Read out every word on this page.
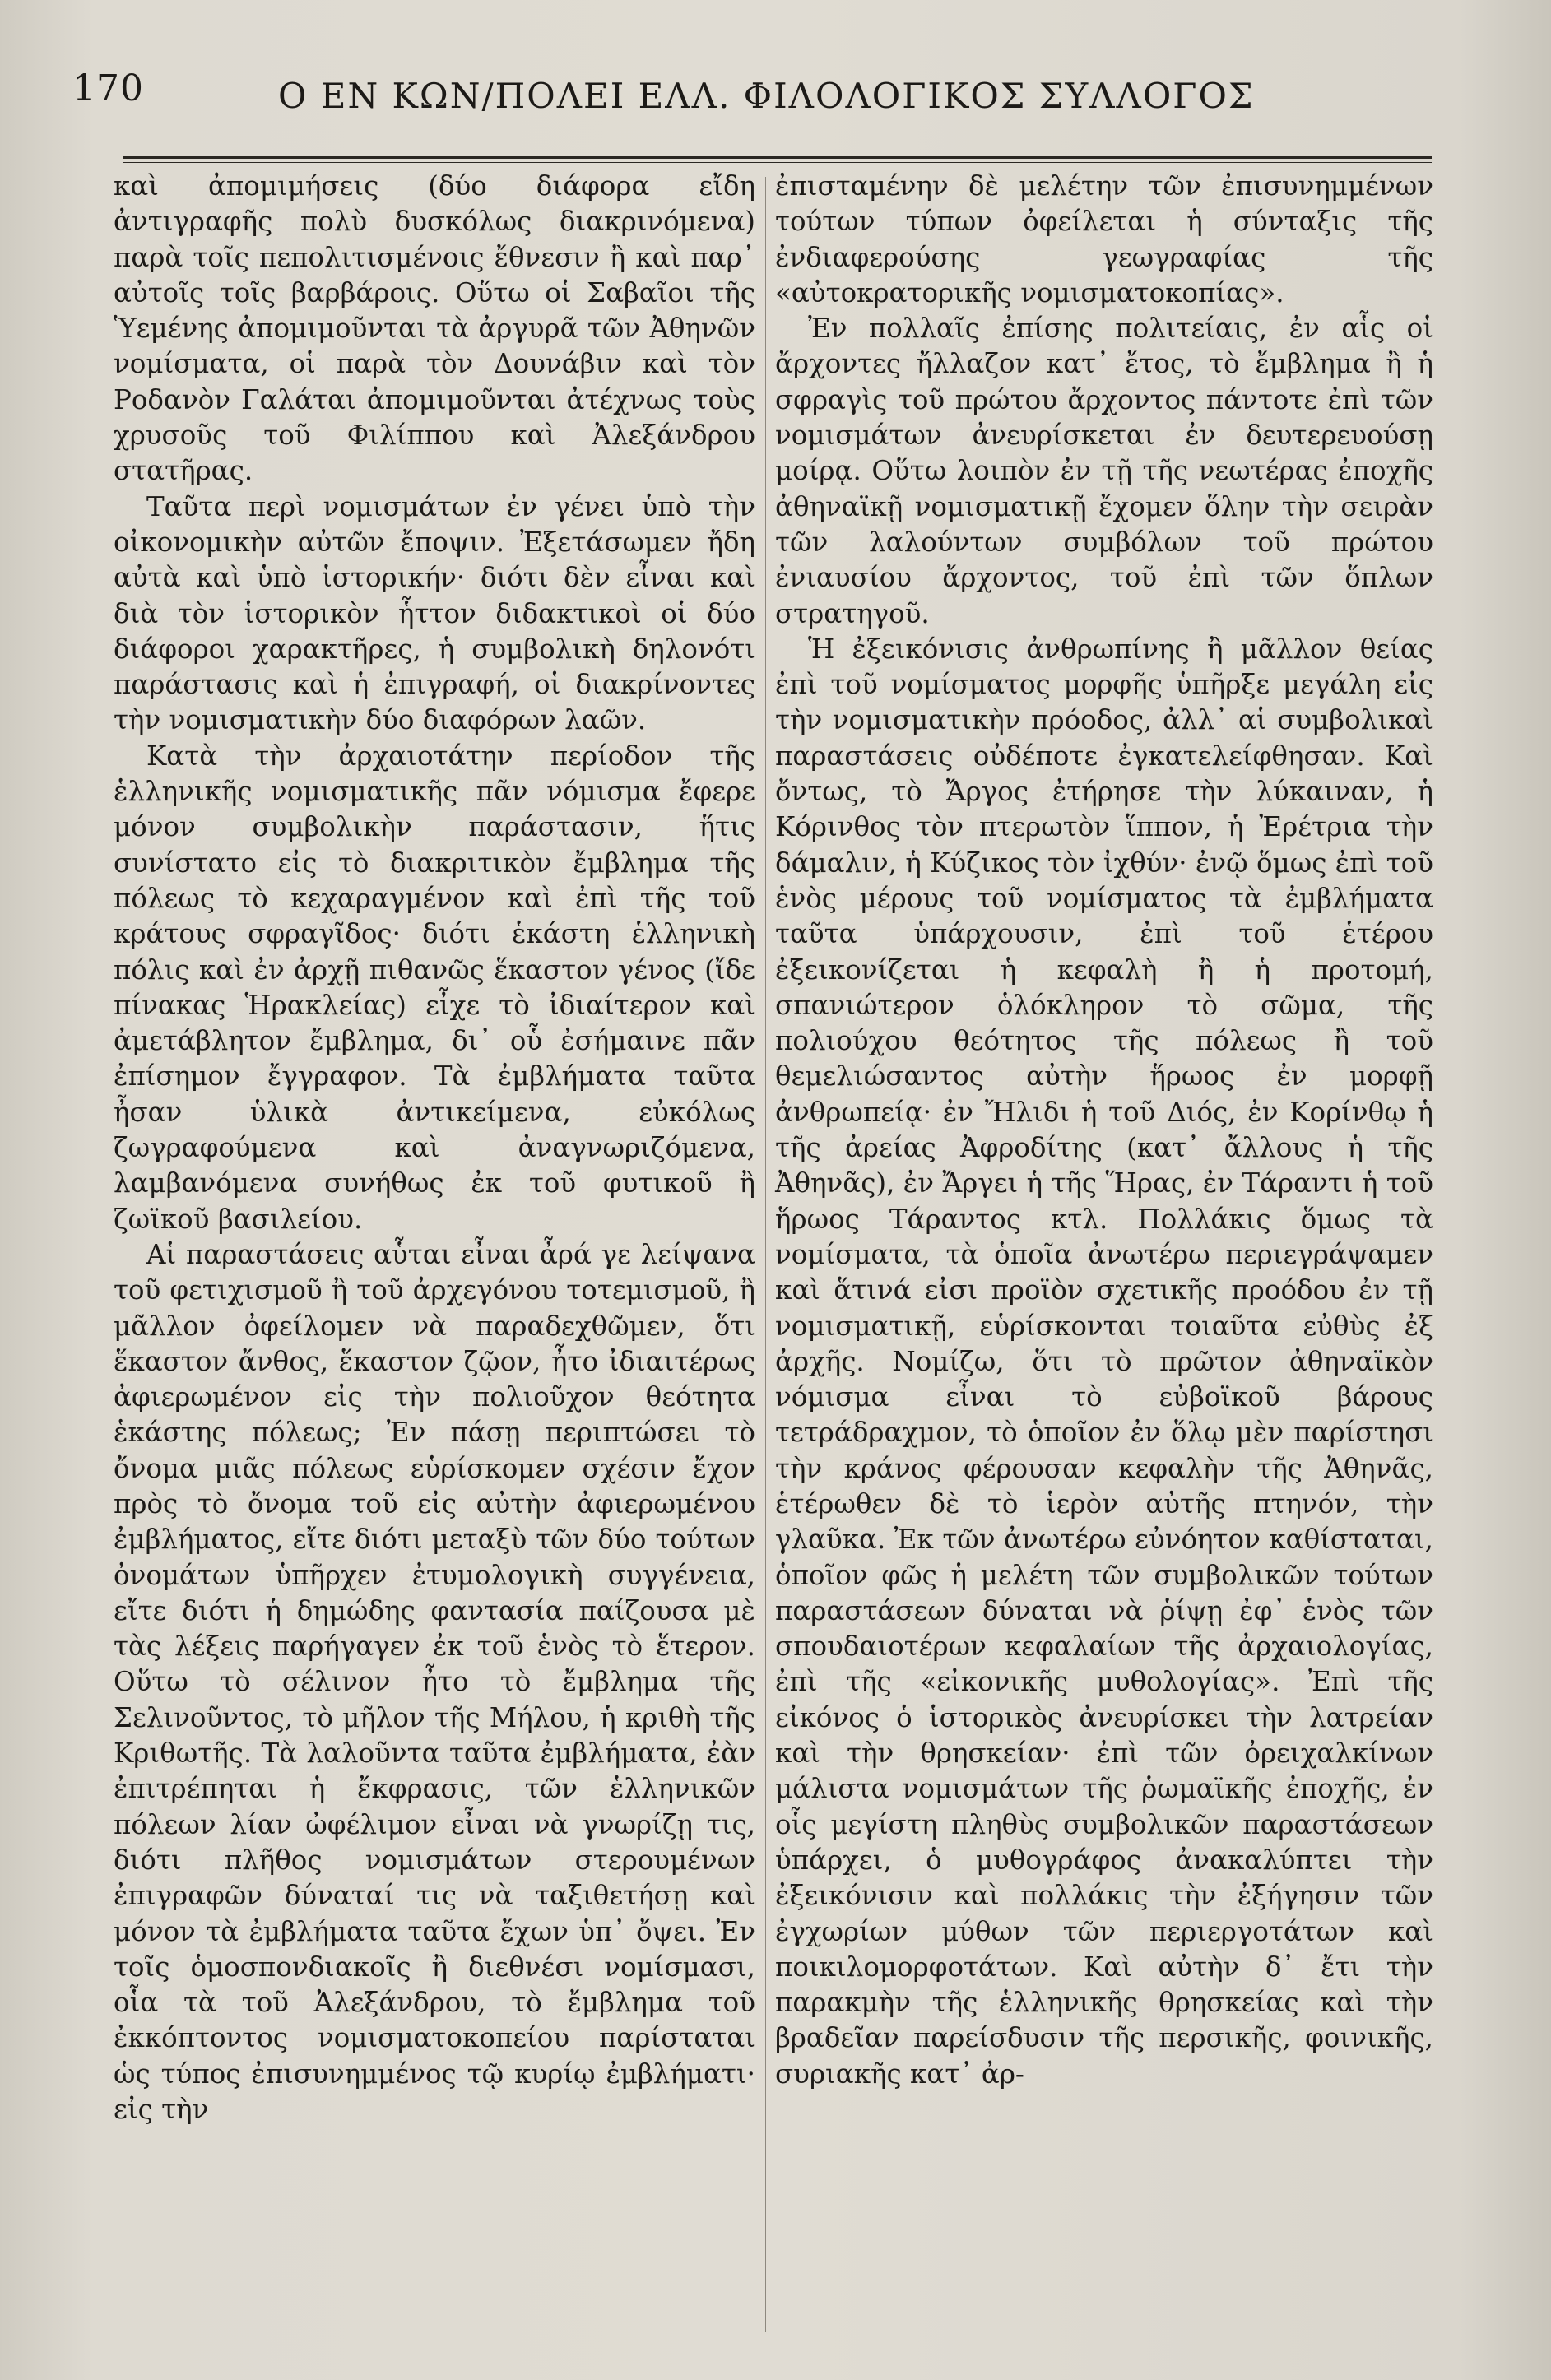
170	Ο ΕΝ ΚΩΝ/ΠΟΛΕΙ ΕΛΛ. ΦΙΛΟΛΟΓΙΚΟΣ ΣΥΛΛΟΓΟΣ

καὶ ἀπομιμήσεις (δύο διάφορα εἴδη ἀντιγραφῆς πολὺ δυσκόλως διακρινόμενα) παρὰ τοῖς πεπολιτισμένοις ἔθνεσιν ἢ καὶ παρ᾽ αὐτοῖς τοῖς βαρβάροις. Οὕτω οἱ Σαβαῖοι τῆς Ὑεμένης ἀπομιμοῦνται τὰ ἀργυρᾶ τῶν Ἀθηνῶν νομίσματα, οἱ παρὰ τὸν Δουνάβιν καὶ τὸν Ροδανὸν Γαλάται ἀπομιμοῦνται ἀτέχνως τοὺς χρυσοῦς τοῦ Φιλίππου καὶ Ἀλεξάνδρου στατῆρας.

Ταῦτα περὶ νομισμάτων ἐν γένει ὑπὸ τὴν οἰκονομικὴν αὐτῶν ἔποψιν. Ἐξετάσωμεν ἤδη αὐτὰ καὶ ὑπὸ ἱστορικήν· διότι δὲν εἶναι καὶ διὰ τὸν ἱστορικὸν ἧττον διδακτικοὶ οἱ δύο διάφοροι χαρακτῆρες, ἡ συμβολικὴ δηλονότι παράστασις καὶ ἡ ἐπιγραφή, οἱ διακρίνοντες τὴν νομισματικὴν δύο διαφόρων λαῶν.

Κατὰ τὴν ἀρχαιοτάτην περίοδον τῆς ἑλληνικῆς νομισματικῆς πᾶν νόμισμα ἔφερε μόνον συμβολικὴν παράστασιν, ἥτις συνίστατο εἰς τὸ διακριτικὸν ἔμβλημα τῆς πόλεως τὸ κεχαραγμένον καὶ ἐπὶ τῆς τοῦ κράτους σφραγῖδος· διότι ἑκάστη ἑλληνικὴ πόλις καὶ ἐν ἀρχῇ πιθανῶς ἕκαστον γένος (ἴδε πίνακας Ἡρακλείας) εἶχε τὸ ἰδιαίτερον καὶ ἀμετάβλητον ἔμβλημα, δι᾽ οὗ ἐσήμαινε πᾶν ἐπίσημον ἔγγραφον. Τὰ ἐμβλήματα ταῦτα ἦσαν ὑλικὰ ἀντικείμενα, εὐκόλως ζωγραφούμενα καὶ ἀναγνωριζόμενα, λαμβανόμενα συνήθως ἐκ τοῦ φυτικοῦ ἢ ζωϊκοῦ βασιλείου.

Αἱ παραστάσεις αὗται εἶναι ἆρά γε λείψανα τοῦ φετιχισμοῦ ἢ τοῦ ἀρχεγόνου τοτεμισμοῦ, ἢ μᾶλλον ὀφείλομεν νὰ παραδεχθῶμεν, ὅτι ἕκαστον ἄνθος, ἕκαστον ζῷον, ἦτο ἰδιαιτέρως ἀφιερωμένον εἰς τὴν πολιοῦχον θεότητα ἑκάστης πόλεως; Ἐν πάσῃ περιπτώσει τὸ ὄνομα μιᾶς πόλεως εὑρίσκομεν σχέσιν ἔχον πρὸς τὸ ὄνομα τοῦ εἰς αὐτὴν ἀφιερωμένου ἐμβλήματος, εἴτε διότι μεταξὺ τῶν δύο τούτων ὀνομάτων ὑπῆρχεν ἐτυμολογικὴ συγγένεια, εἴτε διότι ἡ δημώδης φαντασία παίζουσα μὲ τὰς λέξεις παρήγαγεν ἐκ τοῦ ἑνὸς τὸ ἕτερον. Οὕτω τὸ σέλινον ἦτο τὸ ἔμβλημα τῆς Σελινοῦντος, τὸ μῆλον τῆς Μήλου, ἡ κριθὴ τῆς Κριθωτῆς. Τὰ λαλοῦντα ταῦτα ἐμβλήματα, ἐὰν ἐπιτρέπηται ἡ ἔκφρασις, τῶν ἑλληνικῶν πόλεων λίαν ὠφέλιμον εἶναι νὰ γνωρίζῃ τις, διότι πλῆθος νομισμάτων στερουμένων ἐπιγραφῶν δύναταί τις νὰ ταξιθετήσῃ καὶ μόνον τὰ ἐμβλήματα ταῦτα ἔχων ὑπ᾽ ὄψει. Ἐν τοῖς ὁμοσπονδιακοῖς ἢ διεθνέσι νομίσμασι, οἷα τὰ τοῦ Ἀλεξάνδρου, τὸ ἔμβλημα τοῦ ἐκκόπτοντος νομισματοκοπείου παρίσταται ὡς τύπος ἐπισυνημμένος τῷ κυρίῳ ἐμβλήματι· εἰς τὴν

ἐπισταμένην δὲ μελέτην τῶν ἐπισυνημμένων τούτων τύπων ὀφείλεται ἡ σύνταξις τῆς ἐνδιαφερούσης γεωγραφίας τῆς «αὐτοκρατορικῆς νομισματοκοπίας».

Ἐν πολλαῖς ἐπίσης πολιτείαις, ἐν αἷς οἱ ἄρχοντες ἤλλαζον κατ᾽ ἔτος, τὸ ἔμβλημα ἢ ἡ σφραγὶς τοῦ πρώτου ἄρχοντος πάντοτε ἐπὶ τῶν νομισμάτων ἀνευρίσκεται ἐν δευτερευούσῃ μοίρᾳ. Οὕτω λοιπὸν ἐν τῇ τῆς νεωτέρας ἐποχῆς ἀθηναϊκῇ νομισματικῇ ἔχομεν ὅλην τὴν σειρὰν τῶν λαλούντων συμβόλων τοῦ πρώτου ἐνιαυσίου ἄρχοντος, τοῦ ἐπὶ τῶν ὅπλων στρατηγοῦ.

Ἡ ἐξεικόνισις ἀνθρωπίνης ἢ μᾶλλον θείας ἐπὶ τοῦ νομίσματος μορφῆς ὑπῆρξε μεγάλη εἰς τὴν νομισματικὴν πρόοδος, ἀλλ᾽ αἱ συμβολικαὶ παραστάσεις οὐδέποτε ἐγκατελείφθησαν. Καὶ ὄντως, τὸ Ἄργος ἐτήρησε τὴν λύκαιναν, ἡ Κόρινθος τὸν πτερωτὸν ἵππον, ἡ Ἐρέτρια τὴν δάμαλιν, ἡ Κύζικος τὸν ἰχθύν· ἐνῷ ὅμως ἐπὶ τοῦ ἑνὸς μέρους τοῦ νομίσματος τὰ ἐμβλήματα ταῦτα ὑπάρχουσιν, ἐπὶ τοῦ ἑτέρου ἐξεικονίζεται ἡ κεφαλὴ ἢ ἡ προτομή, σπανιώτερον ὁλόκληρον τὸ σῶμα, τῆς πολιούχου θεότητος τῆς πόλεως ἢ τοῦ θεμελιώσαντος αὐτὴν ἥρωος ἐν μορφῇ ἀνθρωπείᾳ· ἐν Ἤλιδι ἡ τοῦ Διός, ἐν Κορίνθῳ ἡ τῆς ἀρείας Ἀφροδίτης (κατ᾽ ἄλλους ἡ τῆς Ἀθηνᾶς), ἐν Ἄργει ἡ τῆς Ἥρας, ἐν Τάραντι ἡ τοῦ ἥρωος Τάραντος κτλ. Πολλάκις ὅμως τὰ νομίσματα, τὰ ὁποῖα ἀνωτέρω περιεγράψαμεν καὶ ἅτινά εἰσι προϊὸν σχετικῆς προόδου ἐν τῇ νομισματικῇ, εὑρίσκονται τοιαῦτα εὐθὺς ἐξ ἀρχῆς. Νομίζω, ὅτι τὸ πρῶτον ἀθηναϊκὸν νόμισμα εἶναι τὸ εὐβοϊκοῦ βάρους τετράδραχμον, τὸ ὁποῖον ἐν ὅλῳ μὲν παρίστησι τὴν κράνος φέρουσαν κεφαλὴν τῆς Ἀθηνᾶς, ἑτέρωθεν δὲ τὸ ἱερὸν αὐτῆς πτηνόν, τὴν γλαῦκα. Ἐκ τῶν ἀνωτέρω εὐνόητον καθίσταται, ὁποῖον φῶς ἡ μελέτη τῶν συμβολικῶν τούτων παραστάσεων δύναται νὰ ῥίψῃ ἐφ᾽ ἑνὸς τῶν σπουδαιοτέρων κεφαλαίων τῆς ἀρχαιολογίας, ἐπὶ τῆς «εἰκονικῆς μυθολογίας». Ἐπὶ τῆς εἰκόνος ὁ ἱστορικὸς ἀνευρίσκει τὴν λατρείαν καὶ τὴν θρησκείαν· ἐπὶ τῶν ὀρειχαλκίνων μάλιστα νομισμάτων τῆς ῥωμαϊκῆς ἐποχῆς, ἐν οἷς μεγίστη πληθὺς συμβολικῶν παραστάσεων ὑπάρχει, ὁ μυθογράφος ἀνακαλύπτει τὴν ἐξεικόνισιν καὶ πολλάκις τὴν ἐξήγησιν τῶν ἐγχωρίων μύθων τῶν περιεργοτάτων καὶ ποικιλομορφοτάτων. Καὶ αὐτὴν δ᾽ ἔτι τὴν παρακμὴν τῆς ἑλληνικῆς θρησκείας καὶ τὴν βραδεῖαν παρείσδυσιν τῆς περσικῆς, φοινικῆς, συριακῆς κατ᾽ ἀρ-
